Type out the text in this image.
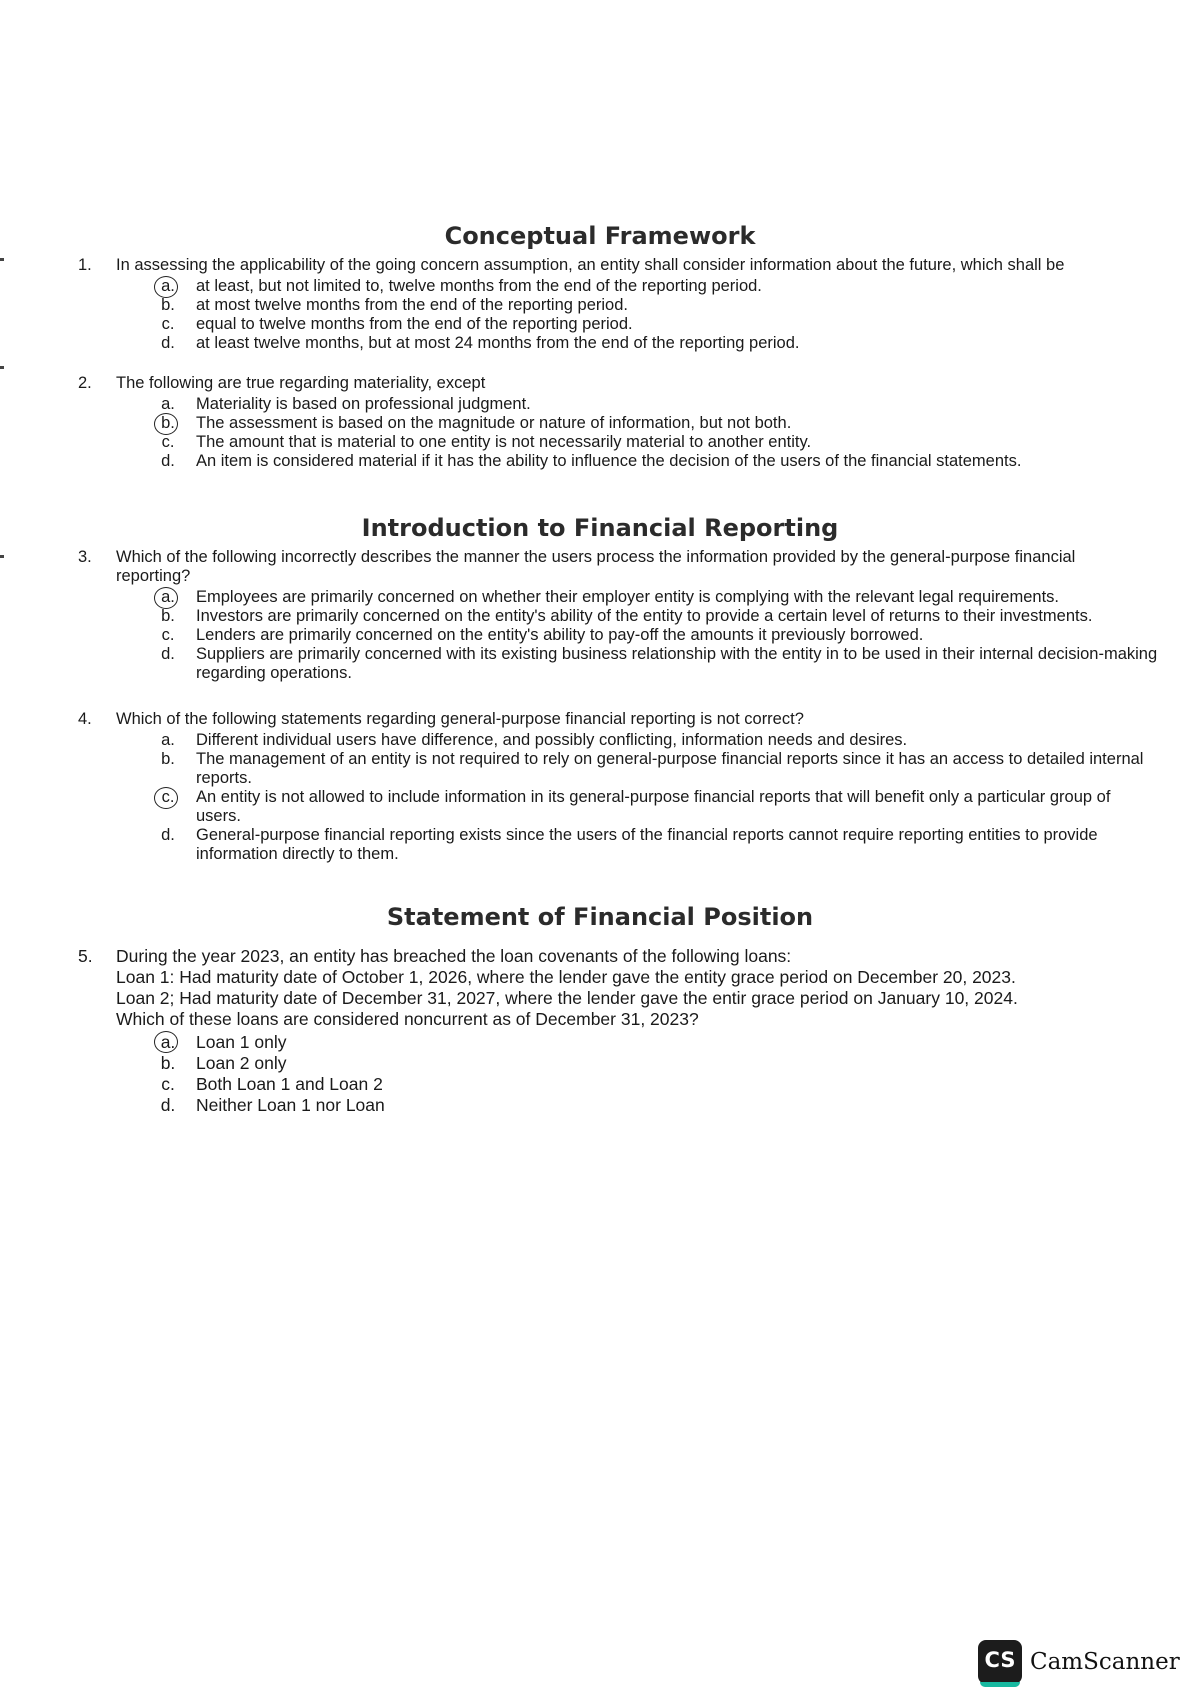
Conceptual Framework
Introduction to Financial Reporting
Statement of Financial Position
1.	In assessing the applicability of the going concern assumption, an entity shall consider information about the future, which shall be
a.	at least, but not limited to, twelve months from the end of the reporting period.
b.	at most twelve months from the end of the reporting period.
c.	equal to twelve months from the end of the reporting period.
d.	at least twelve months, but at most 24 months from the end of the reporting period.
2.	The following are true regarding materiality, except
a.	Materiality is based on professional judgment.
b.	The assessment is based on the magnitude or nature of information, but not both.
c.	The amount that is material to one entity is not necessarily material to another entity.
d.	An item is considered material if it has the ability to influence the decision of the users of the financial statements.
3.	Which of the following incorrectly describes the manner the users process the information provided by the general-purpose financial
reporting?
a.	Employees are primarily concerned on whether their employer entity is complying with the relevant legal requirements.
b.	Investors are primarily concerned on the entity's ability of the entity to provide a certain level of returns to their investments.
c.	Lenders are primarily concerned on the entity's ability to pay-off the amounts it previously borrowed.
d.	Suppliers are primarily concerned with its existing business relationship with the entity in to be used in their internal decision-making regarding operations.
4.	Which of the following statements regarding general-purpose financial reporting is not correct?
a.	Different individual users have difference, and possibly conflicting, information needs and desires.
b.	The management of an entity is not required to rely on general-purpose financial reports since it has an access to detailed internal reports.
c.	An entity is not allowed to include information in its general-purpose financial reports that will benefit only a particular group of users.
d.	General-purpose financial reporting exists since the users of the financial reports cannot require reporting entities to provide information directly to them.
5.	During the year 2023, an entity has breached the loan covenants of the following loans:
Loan 1: Had maturity date of October 1, 2026, where the lender gave the entity grace period on December 20, 2023.
Loan 2; Had maturity date of December 31, 2027, where the lender gave the entir grace period on January 10, 2024.
Which of these loans are considered noncurrent as of December 31, 2023?
a. Loan 1 only
b. Loan 2 only
c. Both Loan 1 and Loan 2
d. Neither Loan 1 nor Loan
CS CamScanner
